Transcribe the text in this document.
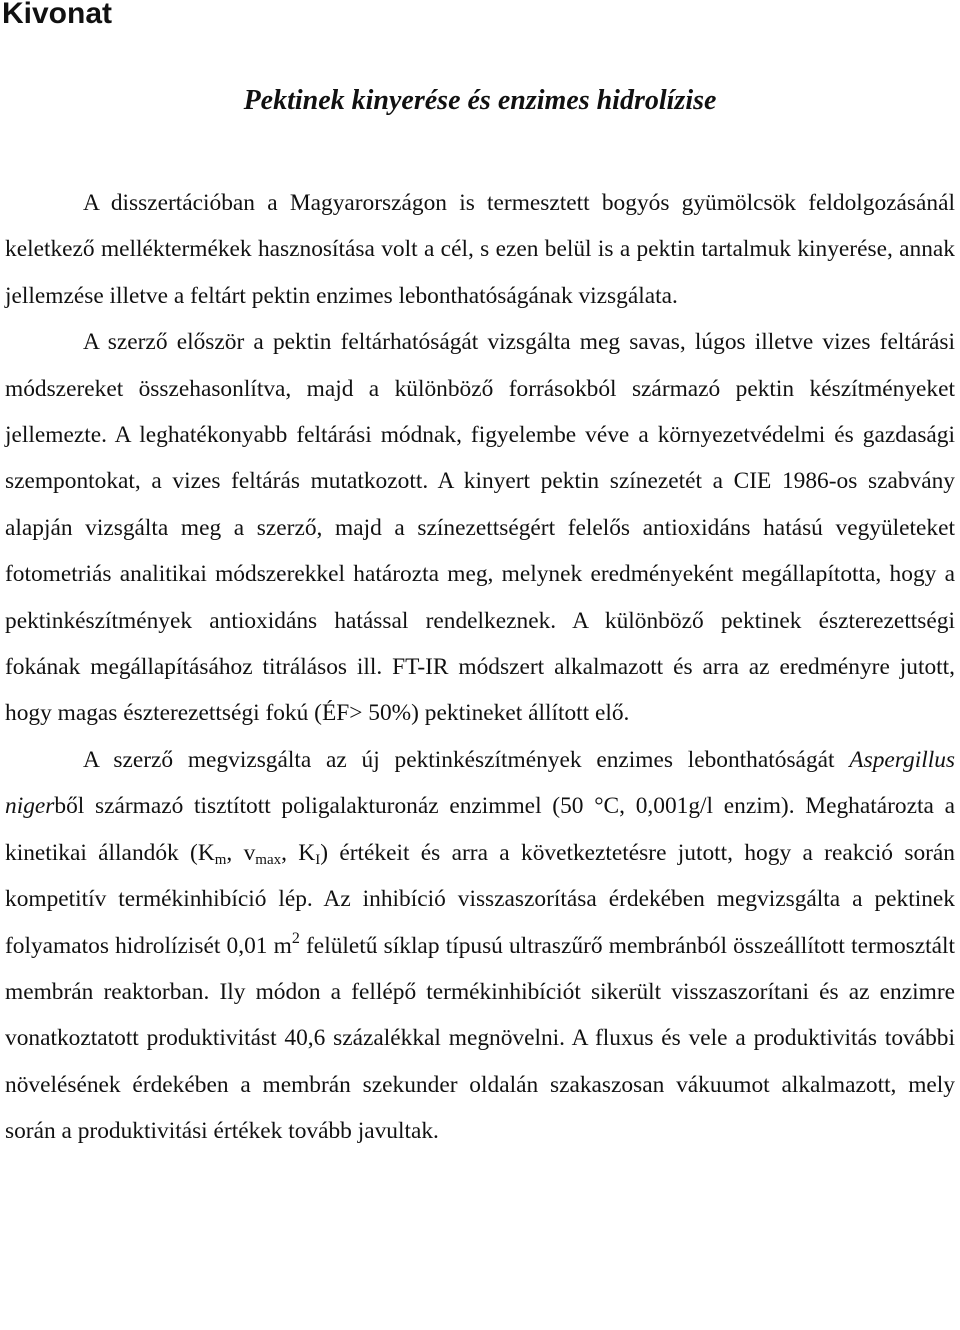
Kivonat
Pektinek kinyerése és enzimes hidrolízise

A disszertációban a Magyarországon is termesztett bogyós gyümölcsök feldolgozásánál keletkező melléktermékek hasznosítása volt a cél, s ezen belül is a pektin tartalmuk kinyerése, annak jellemzése illetve a feltárt pektin enzimes lebonthatóságának vizsgálata.

A szerző először a pektin feltárhatóságát vizsgálta meg savas, lúgos illetve vizes feltárási módszereket összehasonlítva, majd a különböző forrásokból származó pektin készítményeket jellemezte. A leghatékonyabb feltárási módnak, figyelembe véve a környezetvédelmi és gazdasági szempontokat, a vizes feltárás mutatkozott. A kinyert pektin színezetét a CIE 1986-os szabvány alapján vizsgálta meg a szerző, majd a színezettségért felelős antioxidáns hatású vegyületeket fotometriás analitikai módszerekkel határozta meg, melynek eredményeként megállapította, hogy a pektinkészítmények antioxidáns hatással rendelkeznek. A különböző pektinek észterezettségi fokának megállapításához titrálásos ill. FT-IR módszert alkalmazott és arra az eredményre jutott, hogy magas észterezettségi fokú (ÉF> 50%) pektineket állított elő.

A szerző megvizsgálta az új pektinkészítmények enzimes lebonthatóságát Aspergillus nigerből származó tisztított poligalakturonáz enzimmel (50 °C, 0,001g/l enzim). Meghatározta a kinetikai állandók ($K_m$, $v_{max}$, $K_I$) értékeit és arra a következtetésre jutott, hogy a reakció során kompetitív termékinhibíció lép. Az inhibíció visszaszorítása érdekében megvizsgálta a pektinek folyamatos hidrolízisét 0,01 $m^2$ felületű síklap típusú ultraszűrő membránból összeállított termosztált membrán reaktorban. Ily módon a fellépő termékinhibíciót sikerült visszaszorítani és az enzimre vonatkoztatott produktivitást 40,6 százalékkal megnövelni. A fluxus és vele a produktivitás további növelésének érdekében a membrán szekunder oldalán szakaszosan vákuumot alkalmazott, mely során a produktivitási értékek tovább javultak.
